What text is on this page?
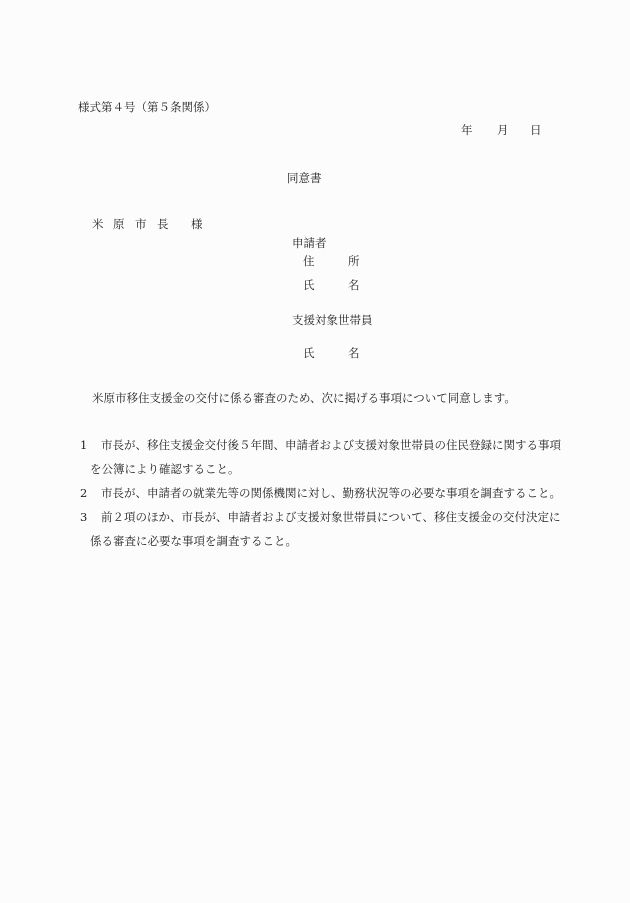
様式第４号（第５条関係）
年 月 日
同意書
米 原 市 長 様
申請者
住	所
氏	名
支援対象世帯員
氏	名
米原市移住支援金の交付に係る審査のため、次に掲げる事項について同意します。
1 市長が、移住支援金交付後５年間、申請者および支援対象世帯員の住民登録に関する事項
を公簿により確認すること。
2 市長が、申請者の就業先等の関係機関に対し、勤務状況等の必要な事項を調査すること。
3 前２項のほか、市長が、申請者および支援対象世帯員について、移住支援金の交付決定に
係る審査に必要な事項を調査すること。
